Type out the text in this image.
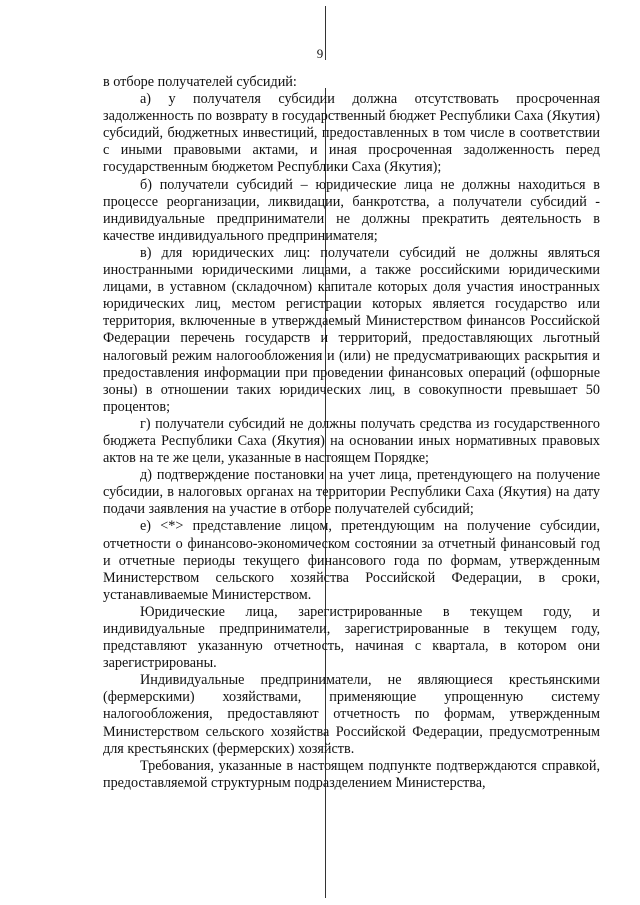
9

в отборе получателей субсидий:

а) у получателя субсидии должна отсутствовать просроченная задолженность по возврату в государственный бюджет Республики Саха (Якутия) субсидий, бюджетных инвестиций, предоставленных в том числе в соответствии с иными правовыми актами, и иная просроченная задолженность перед государственным бюджетом Республики Саха (Якутия);

б) получатели субсидий – юридические лица не должны находиться в процессе реорганизации, ликвидации, банкротства, а получатели субсидий - индивидуальные предприниматели не должны прекратить деятельность в качестве индивидуального предпринимателя;

в) для юридических лиц: получатели субсидий не должны являться иностранными юридическими лицами, а также российскими юридическими лицами, в уставном (складочном) капитале которых доля участия иностранных юридических лиц, местом регистрации которых является государство или территория, включенные в утверждаемый Министерством финансов Российской Федерации перечень государств и территорий, предоставляющих льготный налоговый режим налогообложения и (или) не предусматривающих раскрытия и предоставления информации при проведении финансовых операций (офшорные зоны) в отношении таких юридических лиц, в совокупности превышает 50 процентов;

г) получатели субсидий не должны получать средства из государственного бюджета Республики Саха (Якутия) на основании иных нормативных правовых актов на те же цели, указанные в настоящем Порядке;

д) подтверждение постановки на учет лица, претендующего на получение субсидии, в налоговых органах на территории Республики Саха (Якутия) на дату подачи заявления на участие в отборе получателей субсидий;

е) <*> представление лицом, претендующим на получение субсидии, отчетности о финансово-экономическом состоянии за отчетный финансовый год и отчетные периоды текущего финансового года по формам, утвержденным Министерством сельского хозяйства Российской Федерации, в сроки, устанавливаемые Министерством.

Юридические лица, зарегистрированные в текущем году, и индивидуальные предприниматели, зарегистрированные в текущем году, представляют указанную отчетность, начиная с квартала, в котором они зарегистрированы.

Индивидуальные предприниматели, не являющиеся крестьянскими (фермерскими) хозяйствами, применяющие упрощенную систему налогообложения, предоставляют отчетность по формам, утвержденным Министерством сельского хозяйства Российской Федерации, предусмотренным для крестьянских (фермерских) хозяйств.

Требования, указанные в настоящем подпункте подтверждаются справкой, предоставляемой структурным подразделением Министерства,
